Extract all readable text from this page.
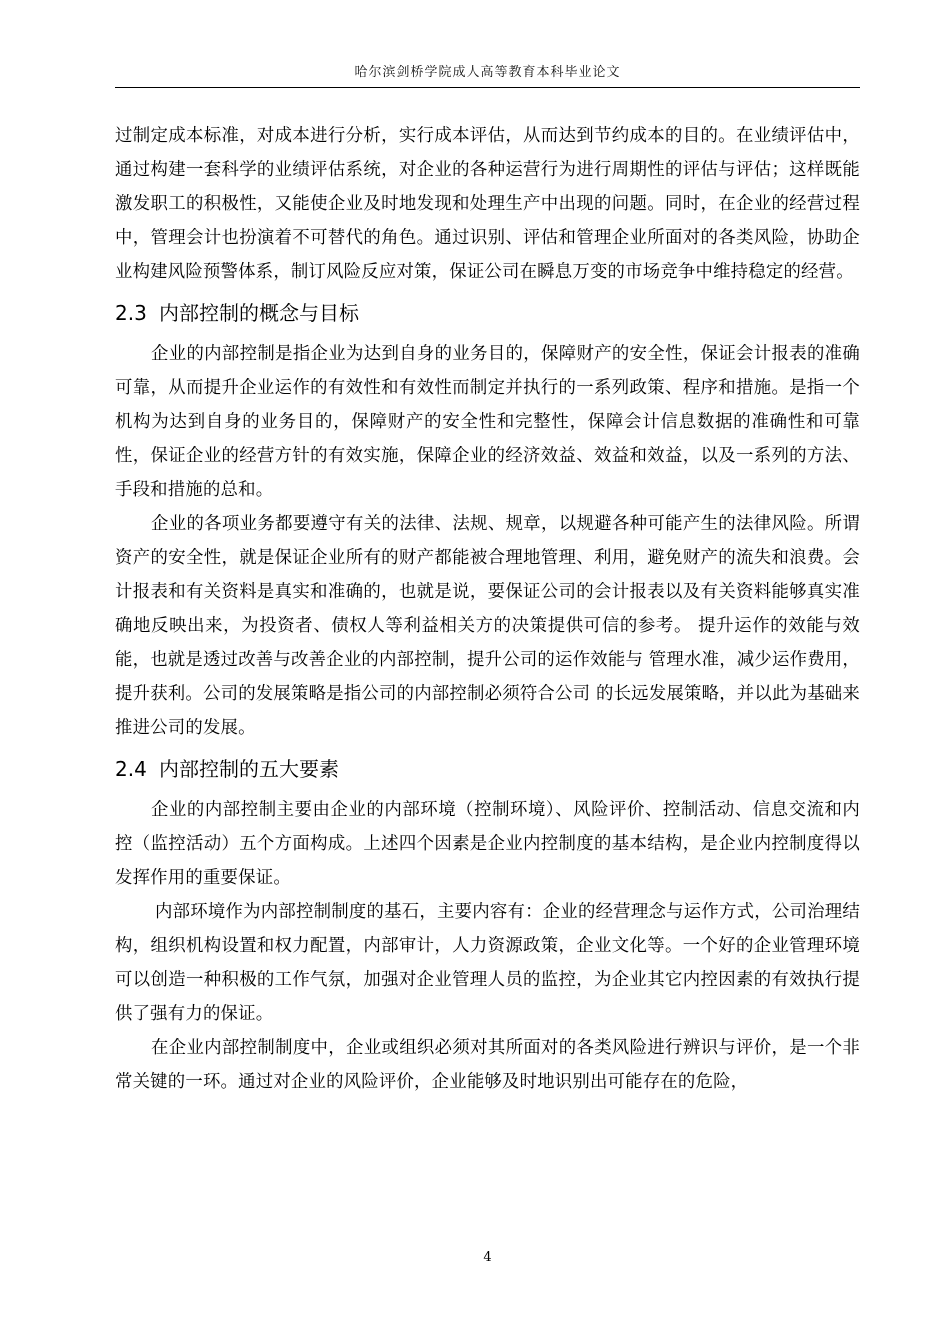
哈尔滨剑桥学院成人高等教育本科毕业论文

过制定成本标准，对成本进行分析，实行成本评估，从而达到节约成本的目的。在业绩评估中，通过构建一套科学的业绩评估系统，对企业的各种运营行为进行周期性的评估与评估；这样既能激发职工的积极性，又能使企业及时地发现和处理生产中出现的问题。同时，在企业的经营过程中，管理会计也扮演着不可替代的角色。通过识别、评估和管理企业所面对的各类风险，协助企业构建风险预警体系，制订风险反应对策，保证公司在瞬息万变的市场竞争中维持稳定的经营。

2.3 内部控制的概念与目标

企业的内部控制是指企业为达到自身的业务目的，保障财产的安全性，保证会计报表的准确可靠，从而提升企业运作的有效性和有效性而制定并执行的一系列政策、程序和措施。是指一个机构为达到自身的业务目的，保障财产的安全性和完整性，保障会计信息数据的准确性和可靠性，保证企业的经营方针的有效实施，保障企业的经济效益、效益和效益，以及一系列的方法、手段和措施的总和。

企业的各项业务都要遵守有关的法律、法规、规章，以规避各种可能产生的法律风险。所谓资产的安全性，就是保证企业所有的财产都能被合理地管理、利用，避免财产的流失和浪费。会计报表和有关资料是真实和准确的，也就是说，要保证公司的会计报表以及有关资料能够真实准确地反映出来，为投资者、债权人等利益相关方的决策提供可信的参考。 提升运作的效能与效能，也就是透过改善与改善企业的内部控制，提升公司的运作效能与 管理水准，减少运作费用，提升获利。公司的发展策略是指公司的内部控制必须符合公司 的长远发展策略，并以此为基础来推进公司的发展。

2.4 内部控制的五大要素

企业的内部控制主要由企业的内部环境（控制环境）、风险评价、控制活动、信息交流和内控（监控活动）五个方面构成。上述四个因素是企业内控制度的基本结构，是企业内控制度得以发挥作用的重要保证。

内部环境作为内部控制制度的基石，主要内容有：企业的经营理念与运作方式，公司治理结构，组织机构设置和权力配置，内部审计，人力资源政策，企业文化等。一个好的企业管理环境可以创造一种积极的工作气氛，加强对企业管理人员的监控，为企业其它内控因素的有效执行提供了强有力的保证。

在企业内部控制制度中，企业或组织必须对其所面对的各类风险进行辨识与评价，是一个非常关键的一环。通过对企业的风险评价，企业能够及时地识别出可能存在的危险，

4
